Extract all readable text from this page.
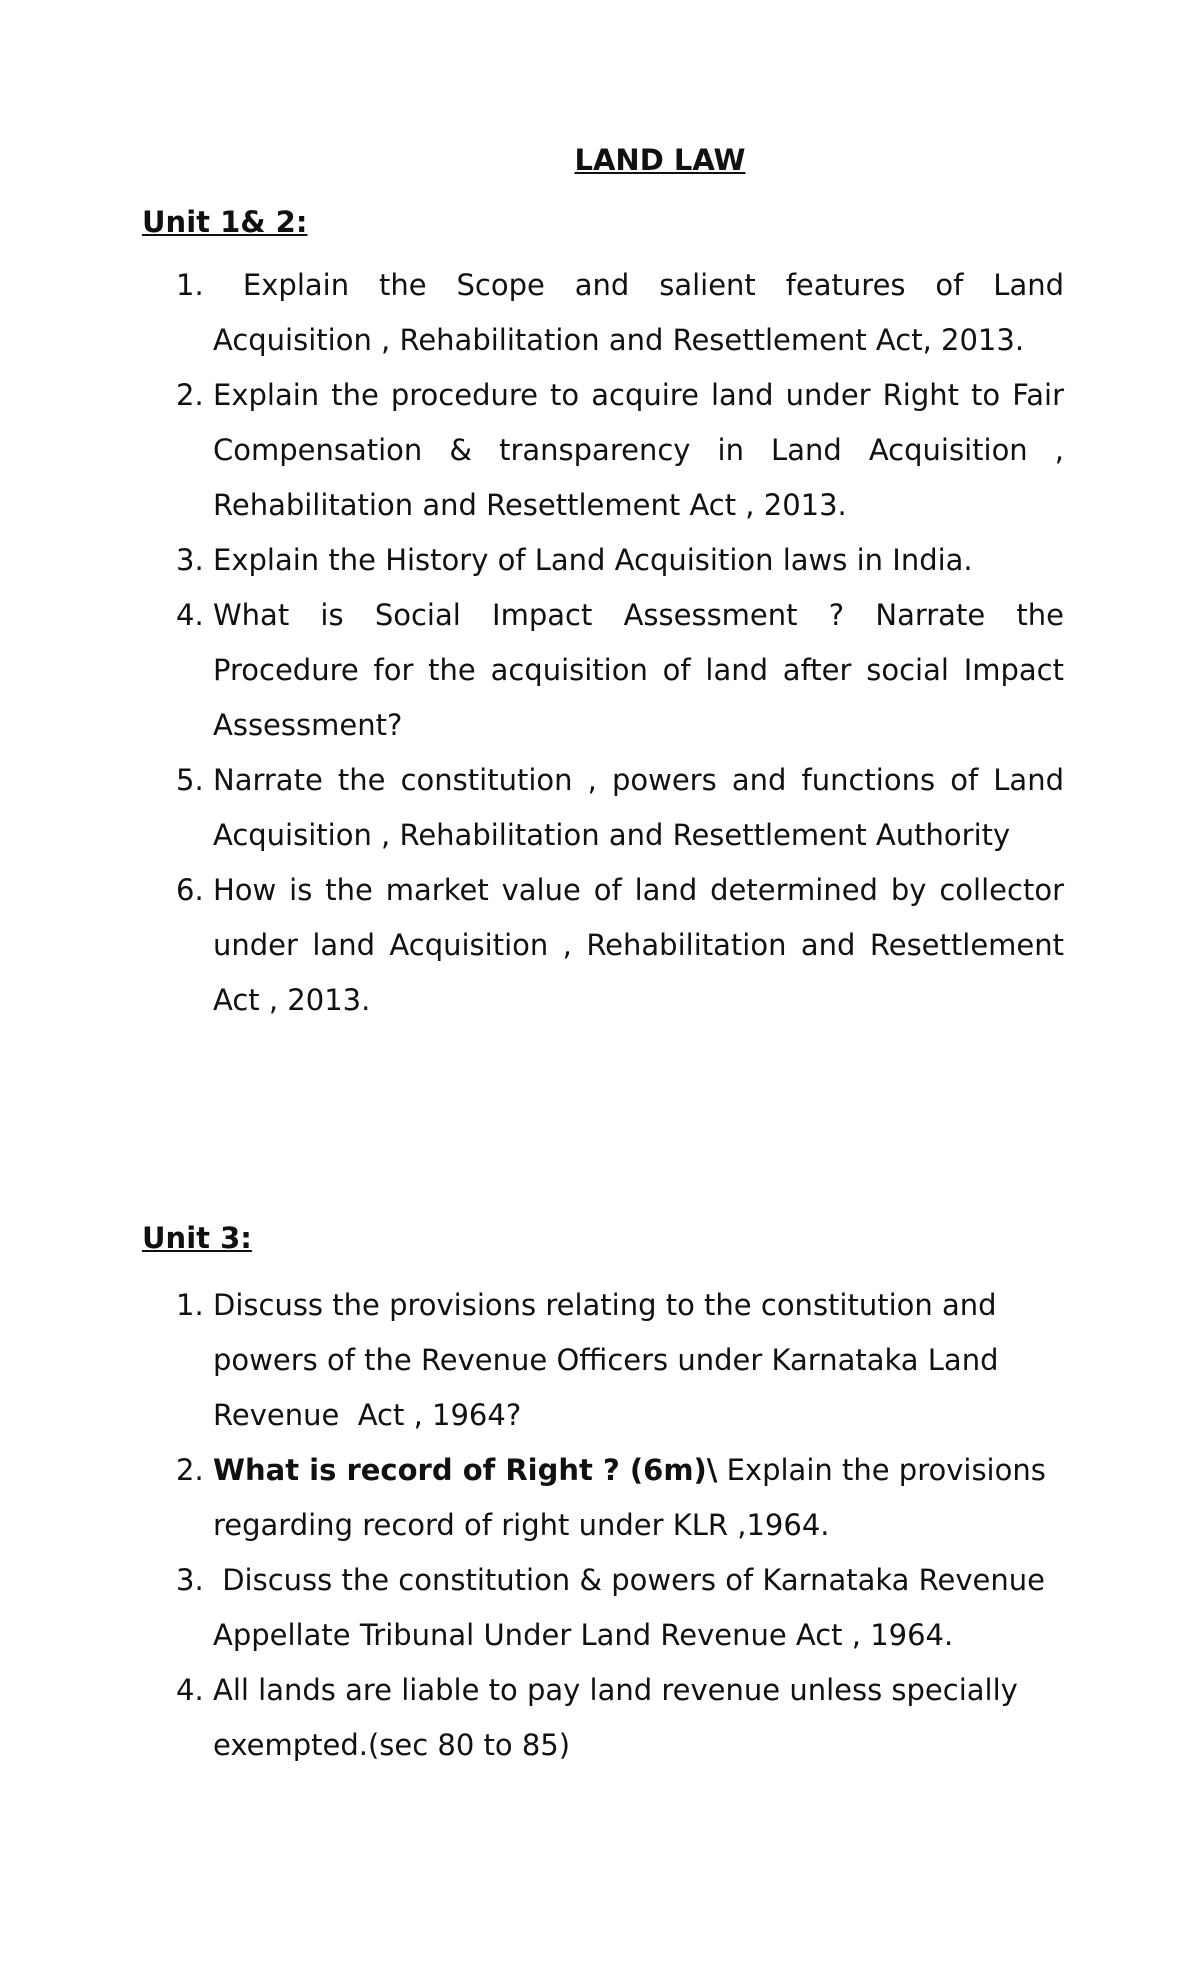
LAND LAW
Unit 1& 2:
1. Explain the Scope and salient features of Land Acquisition , Rehabilitation and Resettlement Act, 2013.
2. Explain the procedure to acquire land under Right to Fair Compensation & transparency in Land Acquisition , Rehabilitation and Resettlement Act , 2013.
3. Explain the History of Land Acquisition laws in India.
4. What is Social Impact Assessment ? Narrate the Procedure for the acquisition of land after social Impact Assessment?
5. Narrate the constitution , powers and functions of Land Acquisition , Rehabilitation and Resettlement Authority
6. How is the market value of land determined by collector under land Acquisition , Rehabilitation and Resettlement Act , 2013.
Unit 3:
1. Discuss the provisions relating to the constitution and powers of the Revenue Officers under Karnataka Land Revenue  Act , 1964?
2. What is record of Right ? (6m)\ Explain the provisions regarding record of right under KLR ,1964.
3. Discuss the constitution & powers of Karnataka Revenue Appellate Tribunal Under Land Revenue Act , 1964.
4. All lands are liable to pay land revenue unless specially exempted.(sec 80 to 85)
